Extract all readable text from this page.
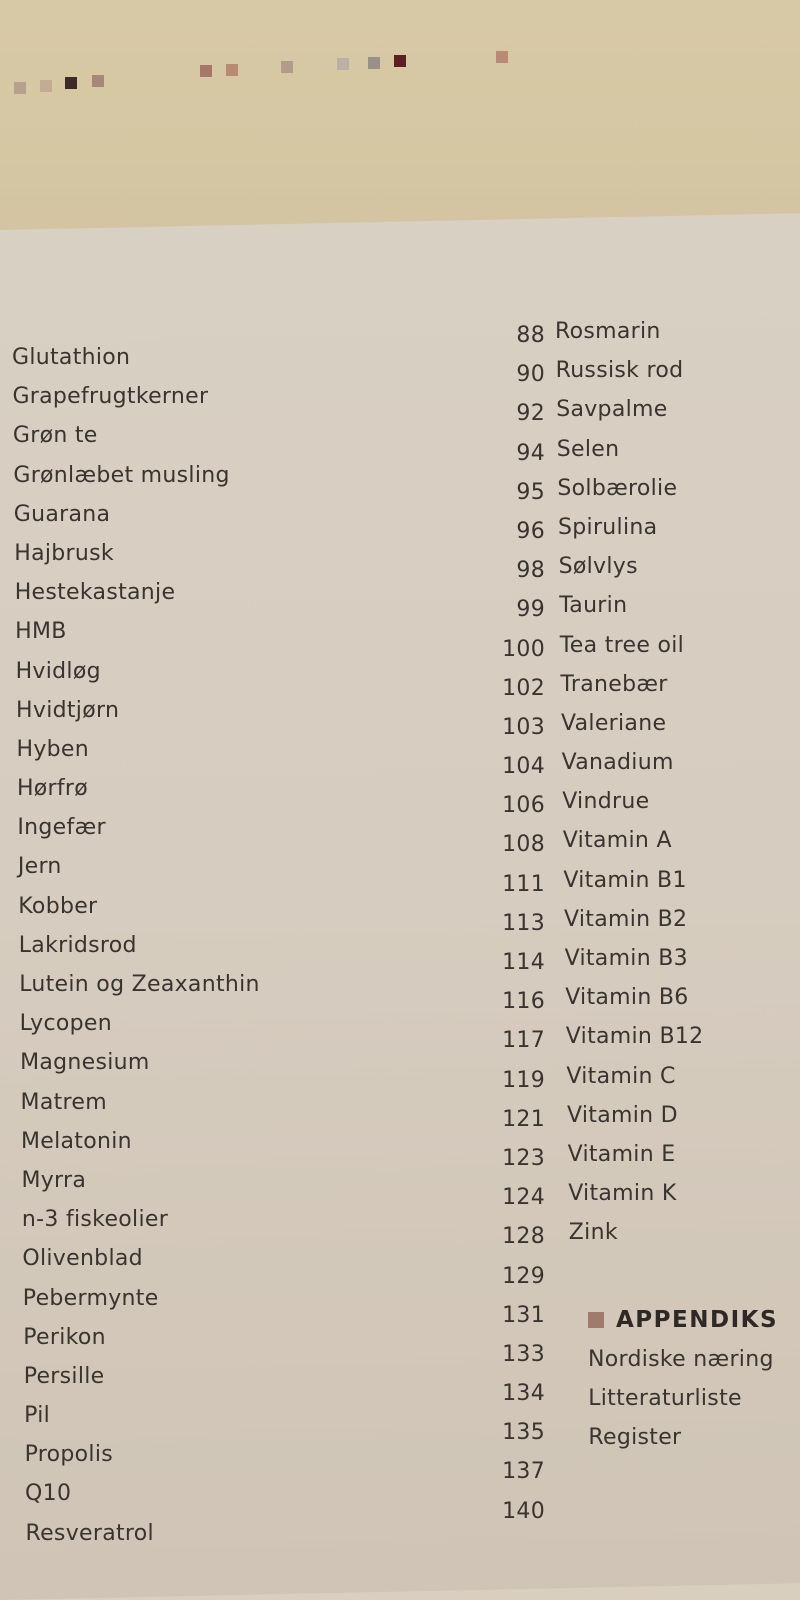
Glutathion
Grapefrugtkerner
Grøn te
Grønlæbet musling
Guarana
Hajbrusk
Hestekastanje
HMB
Hvidløg
Hvidtjørn
Hyben
Hørfrø
Ingefær
Jern
Kobber
Lakridsrod
Lutein og Zeaxanthin
Lycopen
Magnesium
Matrem
Melatonin
Myrra
n-3 fiskeolier
Olivenblad
Pebermynte
Perikon
Persille
Pil
Propolis
Q10
Resveratrol
88
90
92
94
95
96
98
99
100
102
103
104
106
108
111
113
114
116
117
119
121
123
124
128
129
131
133
134
135
137
140
Rosmarin
Russisk rod
Savpalme
Selen
Solbærolie
Spirulina
Sølvlys
Taurin
Tea tree oil
Tranebær
Valeriane
Vanadium
Vindrue
Vitamin A
Vitamin B1
Vitamin B2
Vitamin B3
Vitamin B6
Vitamin B12
Vitamin C
Vitamin D
Vitamin E
Vitamin K
Zink
APPENDIKS
Nordiske næring
Litteraturliste
Register
